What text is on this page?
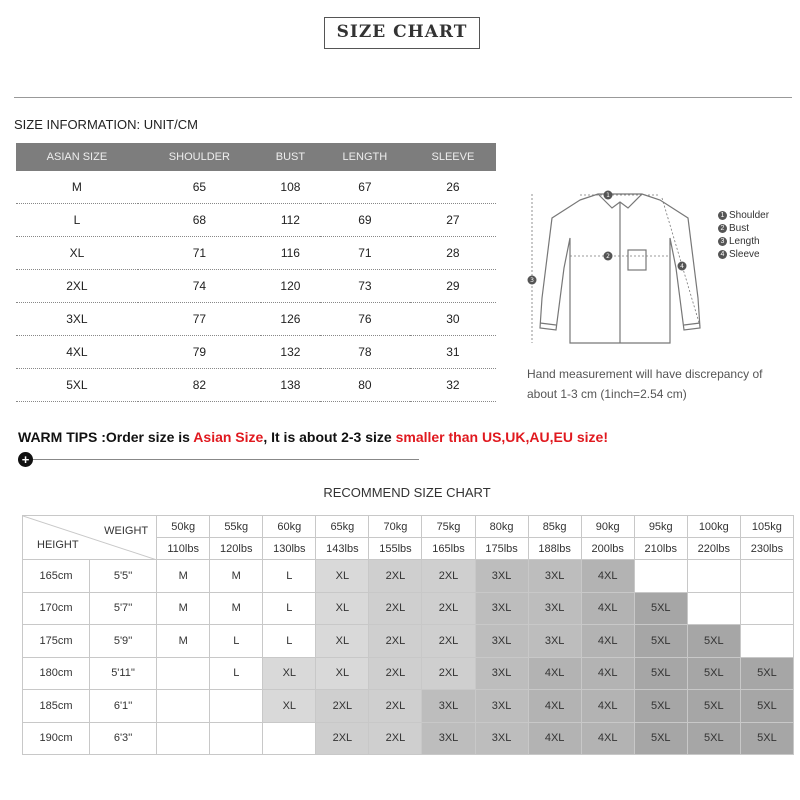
SIZE CHART
SIZE INFORMATION: UNIT/CM
ASIAN SIZE	SHOULDER	BUST	LENGTH	SLEEVE
M	65	108	67	26
L	68	112	69	27
XL	71	116	71	28
2XL	74	120	73	29
3XL	77	126	76	30
4XL	79	132	78	31
5XL	82	138	80	32
1
2
3
4
1 Shoulder
2 Bust
3 Length
4 Sleeve
Hand measurement will have discrepancy of
about 1-3 cm (1inch=2.54 cm)
WARM TIPS :Order size is Asian Size, It is about 2-3 size smaller than US,UK,AU,EU size!
+
RECOMMEND SIZE CHART
WEIGHT
HEIGHT		50kg	55kg	60kg	65kg	70kg	75kg	80kg	85kg	90kg	95kg	100kg	105kg
		110lbs	120lbs	130lbs	143lbs	155lbs	165lbs	175lbs	188lbs	200lbs	210lbs	220lbs	230lbs
165cm	5'5''	M	M	L	XL	2XL	2XL	3XL	3XL	4XL			
170cm	5'7''	M	M	L	XL	2XL	2XL	3XL	3XL	4XL	5XL		
175cm	5'9''	M	L	L	XL	2XL	2XL	3XL	3XL	4XL	5XL	5XL	
180cm	5'11''		L	XL	XL	2XL	2XL	3XL	4XL	4XL	5XL	5XL	5XL
185cm	6'1''			XL	2XL	2XL	3XL	3XL	4XL	4XL	5XL	5XL	5XL
190cm	6'3''				2XL	2XL	3XL	3XL	4XL	4XL	5XL	5XL	5XL
